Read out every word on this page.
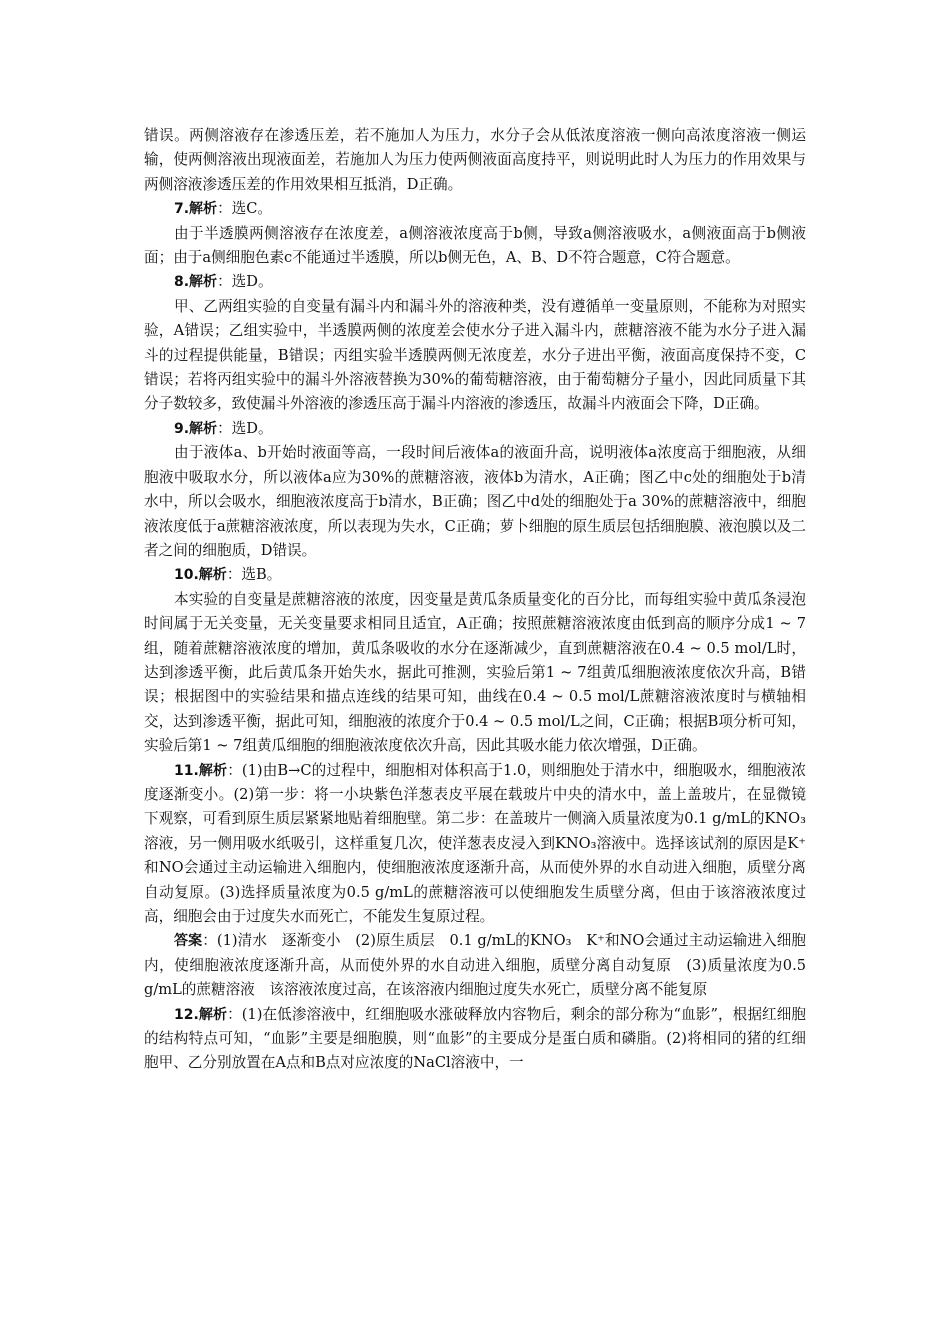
错误。两侧溶液存在渗透压差，若不施加人为压力，水分子会从低浓度溶液一侧向高浓度溶液一侧运输，使两侧溶液出现液面差，若施加人为压力使两侧液面高度持平，则说明此时人为压力的作用效果与两侧溶液渗透压差的作用效果相互抵消，D正确。

7.解析：选C。

由于半透膜两侧溶液存在浓度差，a侧溶液浓度高于b侧，导致a侧溶液吸水，a侧液面高于b侧液面；由于a侧细胞色素c不能通过半透膜，所以b侧无色，A、B、D不符合题意，C符合题意。

8.解析：选D。

甲、乙两组实验的自变量有漏斗内和漏斗外的溶液种类，没有遵循单一变量原则，不能称为对照实验，A错误；乙组实验中，半透膜两侧的浓度差会使水分子进入漏斗内，蔗糖溶液不能为水分子进入漏斗的过程提供能量，B错误；丙组实验半透膜两侧无浓度差，水分子进出平衡，液面高度保持不变，C错误；若将丙组实验中的漏斗外溶液替换为30%的葡萄糖溶液，由于葡萄糖分子量小，因此同质量下其分子数较多，致使漏斗外溶液的渗透压高于漏斗内溶液的渗透压，故漏斗内液面会下降，D正确。

9.解析：选D。

由于液体a、b开始时液面等高，一段时间后液体a的液面升高，说明液体a浓度高于细胞液，从细胞液中吸取水分，所以液体a应为30%的蔗糖溶液，液体b为清水，A正确；图乙中c处的细胞处于b清水中，所以会吸水，细胞液浓度高于b清水，B正确；图乙中d处的细胞处于a 30%的蔗糖溶液中，细胞液浓度低于a蔗糖溶液浓度，所以表现为失水，C正确；萝卜细胞的原生质层包括细胞膜、液泡膜以及二者之间的细胞质，D错误。

10.解析：选B。

本实验的自变量是蔗糖溶液的浓度，因变量是黄瓜条质量变化的百分比，而每组实验中黄瓜条浸泡时间属于无关变量，无关变量要求相同且适宜，A正确；按照蔗糖溶液浓度由低到高的顺序分成1 ~ 7组，随着蔗糖溶液浓度的增加，黄瓜条吸收的水分在逐渐减少，直到蔗糖溶液在0.4 ~ 0.5 mol/L时，达到渗透平衡，此后黄瓜条开始失水，据此可推测，实验后第1 ~ 7组黄瓜细胞液浓度依次升高，B错误；根据图中的实验结果和描点连线的结果可知，曲线在0.4 ~ 0.5 mol/L蔗糖溶液浓度时与横轴相交，达到渗透平衡，据此可知，细胞液的浓度介于0.4 ~ 0.5 mol/L之间，C正确；根据B项分析可知，实验后第1 ~ 7组黄瓜细胞的细胞液浓度依次升高，因此其吸水能力依次增强，D正确。

11.解析：(1)由B→C的过程中，细胞相对体积高于1.0，则细胞处于清水中，细胞吸水，细胞液浓度逐渐变小。(2)第一步：将一小块紫色洋葱表皮平展在载玻片中央的清水中，盖上盖玻片，在显微镜下观察，可看到原生质层紧紧地贴着细胞壁。第二步：在盖玻片一侧滴入质量浓度为0.1 g/mL的KNO₃溶液，另一侧用吸水纸吸引，这样重复几次，使洋葱表皮浸入到KNO₃溶液中。选择该试剂的原因是K⁺和NO会通过主动运输进入细胞内，使细胞液浓度逐渐升高，从而使外界的水自动进入细胞，质壁分离自动复原。(3)选择质量浓度为0.5 g/mL的蔗糖溶液可以使细胞发生质壁分离，但由于该溶液浓度过高，细胞会由于过度失水而死亡，不能发生复原过程。

答案：(1)清水　逐渐变小　(2)原生质层　0.1 g/mL的KNO₃　K⁺和NO会通过主动运输进入细胞内，使细胞液浓度逐渐升高，从而使外界的水自动进入细胞，质壁分离自动复原　(3)质量浓度为0.5 g/mL的蔗糖溶液　该溶液浓度过高，在该溶液内细胞过度失水死亡，质壁分离不能复原

12.解析：(1)在低渗溶液中，红细胞吸水涨破释放内容物后，剩余的部分称为“血影”，根据红细胞的结构特点可知，“血影”主要是细胞膜，则“血影”的主要成分是蛋白质和磷脂。(2)将相同的猪的红细胞甲、乙分别放置在A点和B点对应浓度的NaCl溶液中，一
